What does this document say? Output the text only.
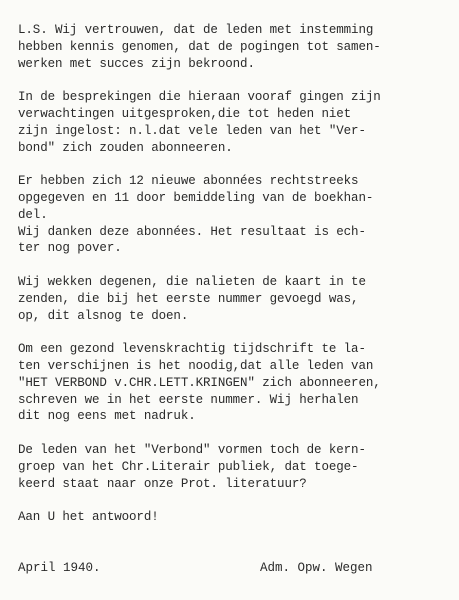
L.S. Wij vertrouwen, dat de leden met instemming
hebben kennis genomen, dat de pogingen tot samen-
werken met succes zijn bekroond.
In de besprekingen die hieraan vooraf gingen zijn
verwachtingen uitgesproken,die tot heden niet
zijn ingelost: n.l.dat vele leden van het "Ver-
bond" zich zouden abonneeren.
Er hebben zich 12 nieuwe abonnées rechtstreeks
opgegeven en 11 door bemiddeling van de boekhan-
del.
Wij danken deze abonnées. Het resultaat is ech-
ter nog pover.
Wij wekken degenen, die nalieten de kaart in te
zenden, die bij het eerste nummer gevoegd was,
op, dit alsnog te doen.
Om een gezond levenskrachtig tijdschrift te la-
ten verschijnen is het noodig,dat alle leden van
"HET VERBOND v.CHR.LETT.KRINGEN" zich abonneeren,
schreven we in het eerste nummer. Wij herhalen
dit nog eens met nadruk.
De leden van het "Verbond" vormen toch de kern-
groep van het Chr.Literair publiek, dat toege-
keerd staat naar onze Prot. literatuur?
Aan U het antwoord!
April 1940.	Adm. Opw. Wegen
